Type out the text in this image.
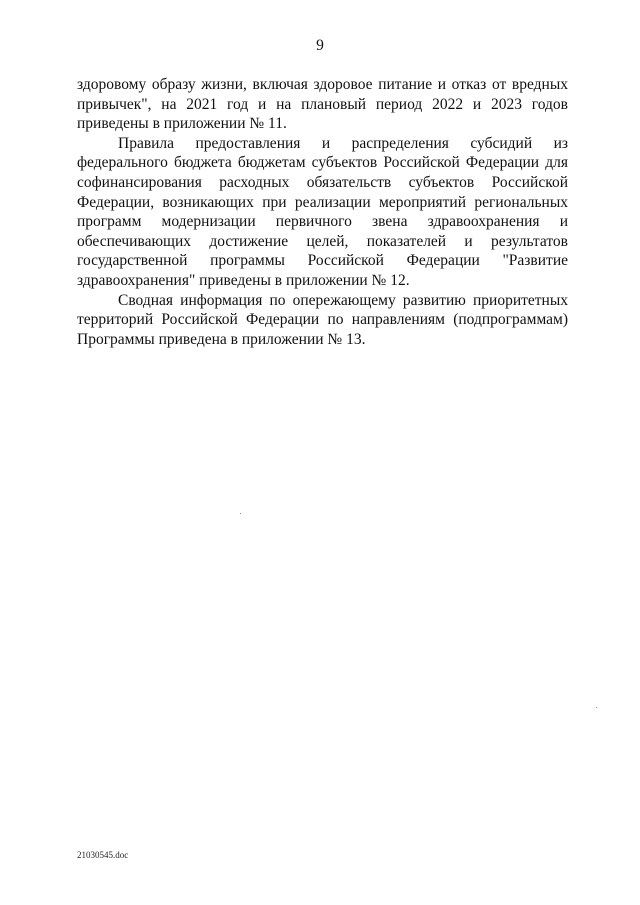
9

здоровому образу жизни, включая здоровое питание и отказ от вредных привычек", на 2021 год и на плановый период 2022 и 2023 годов приведены в приложении № 11.

Правила предоставления и распределения субсидий из федерального бюджета бюджетам субъектов Российской Федерации для софинансирования расходных обязательств субъектов Российской Федерации, возникающих при реализации мероприятий региональных программ модернизации первичного звена здравоохранения и обеспечивающих достижение целей, показателей и результатов государственной программы Российской Федерации "Развитие здравоохранения" приведены в приложении № 12.

Сводная информация по опережающему развитию приоритетных территорий Российской Федерации по направлениям (подпрограммам) Программы приведена в приложении № 13.

21030545.doc
